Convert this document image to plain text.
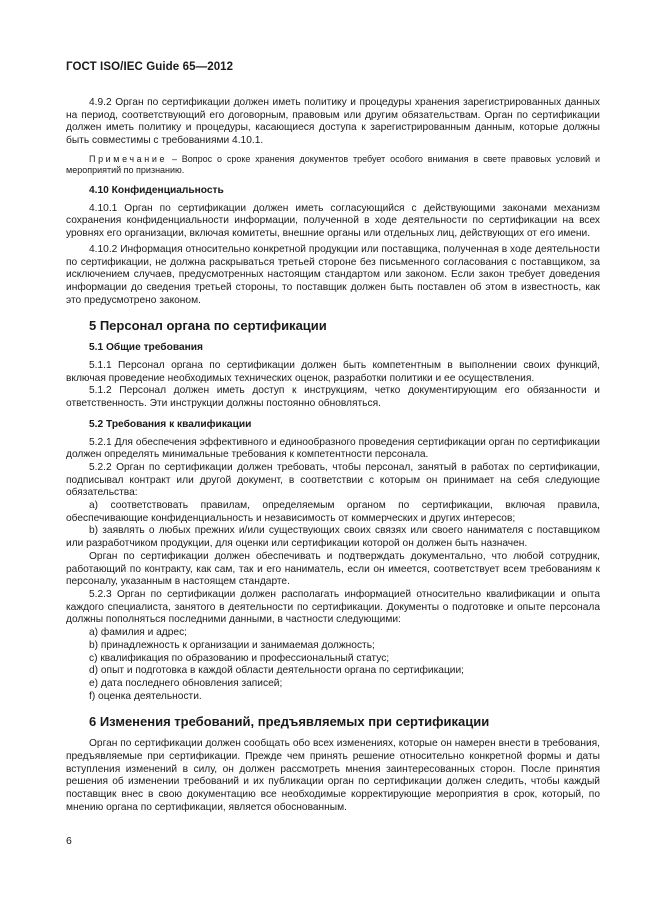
ГОСТ ISO/IEC Guide 65—2012

4.9.2 Орган по сертификации должен иметь политику и процедуры хранения зарегистрированных данных на период, соответствующий его договорным, правовым или другим обязательствам. Орган по сертификации должен иметь политику и процедуры, касающиеся доступа к зарегистрированным данным, которые должны быть совместимы с требованиями 4.10.1.

Примечание – Вопрос о сроке хранения документов требует особого внимания в свете правовых условий и мероприятий по признанию.

4.10 Конфиденциальность

4.10.1 Орган по сертификации должен иметь согласующийся с действующими законами механизм сохранения конфиденциальности информации, полученной в ходе деятельности по сертификации на всех уровнях его организации, включая комитеты, внешние органы или отдельных лиц, действующих от его имени.

4.10.2 Информация относительно конкретной продукции или поставщика, полученная в ходе деятельности по сертификации, не должна раскрываться третьей стороне без письменного согласования с поставщиком, за исключением случаев, предусмотренных настоящим стандартом или законом. Если закон требует доведения информации до сведения третьей стороны, то поставщик должен быть поставлен об этом в известность, как это предусмотрено законом.

5 Персонал органа по сертификации

5.1 Общие требования

5.1.1 Персонал органа по сертификации должен быть компетентным в выполнении своих функций, включая проведение необходимых технических оценок, разработки политики и ее осуществления.

5.1.2 Персонал должен иметь доступ к инструкциям, четко документирующим его обязанности и ответственность. Эти инструкции должны постоянно обновляться.

5.2 Требования к квалификации

5.2.1 Для обеспечения эффективного и единообразного проведения сертификации орган по сертификации должен определять минимальные требования к компетентности персонала.

5.2.2 Орган по сертификации должен требовать, чтобы персонал, занятый в работах по сертификации, подписывал контракт или другой документ, в соответствии с которым он принимает на себя следующие обязательства:

a) соответствовать правилам, определяемым органом по сертификации, включая правила, обеспечивающие конфиденциальность и независимость от коммерческих и других интересов;

b) заявлять о любых прежних и/или существующих своих связях или своего нанимателя с поставщиком или разработчиком продукции, для оценки или сертификации которой он должен быть назначен.

Орган по сертификации должен обеспечивать и подтверждать документально, что любой сотрудник, работающий по контракту, как сам, так и его наниматель, если он имеется, соответствует всем требованиям к персоналу, указанным в настоящем стандарте.

5.2.3 Орган по сертификации должен располагать информацией относительно квалификации и опыта каждого специалиста, занятого в деятельности по сертификации. Документы о подготовке и опыте персонала должны пополняться последними данными, в частности следующими:

a) фамилия и адрес;

b) принадлежность к организации и занимаемая должность;

c) квалификация по образованию и профессиональный статус;

d) опыт и подготовка в каждой области деятельности органа по сертификации;

e) дата последнего обновления записей;

f) оценка деятельности.

6 Изменения требований, предъявляемых при сертификации

Орган по сертификации должен сообщать обо всех изменениях, которые он намерен внести в требования, предъявляемые при сертификации. Прежде чем принять решение относительно конкретной формы и даты вступления изменений в силу, он должен рассмотреть мнения заинтересованных сторон. После принятия решения об изменении требований и их публикации орган по сертификации должен следить, чтобы каждый поставщик внес в свою документацию все необходимые корректирующие мероприятия в срок, который, по мнению органа по сертификации, является обоснованным.

6
